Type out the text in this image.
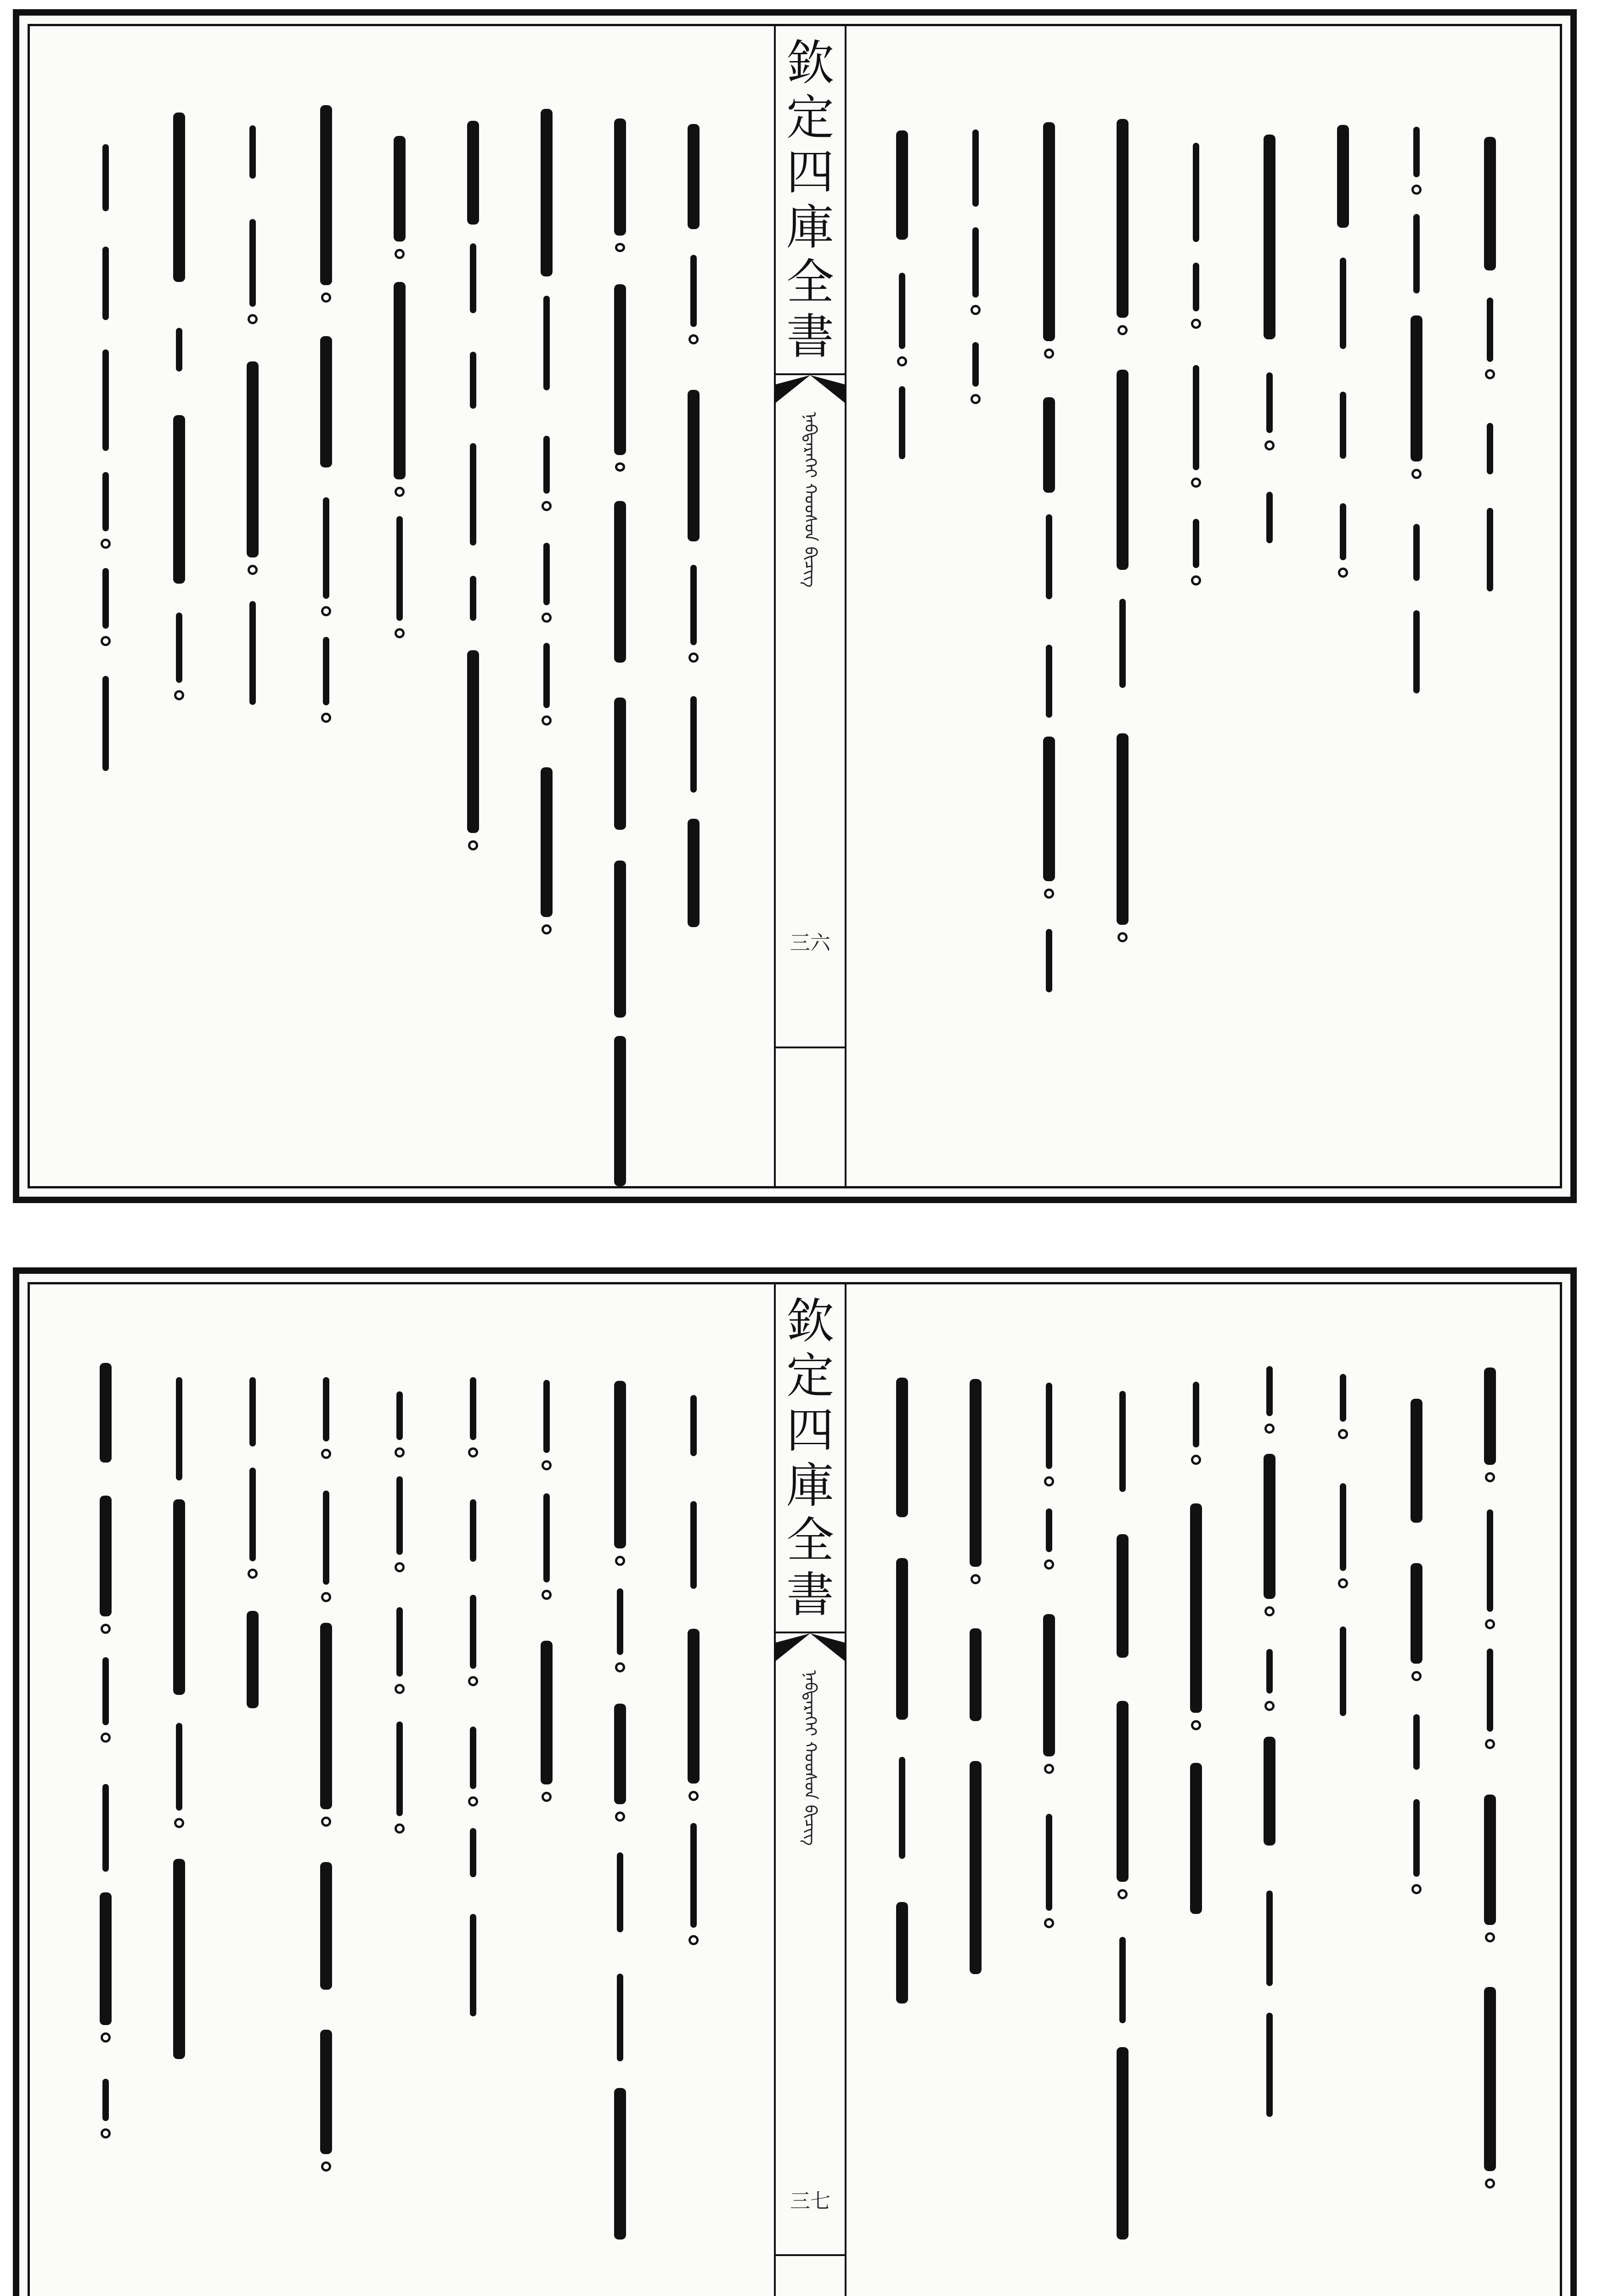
欽
定
四
庫
全
書
ᠨᠡᠪᠳᠡᠷᠡᠬᠡᠢ ᠬᠣᠣᠰᠤᠨ ᠪᠢᠴᠢᠭ᠌
三六
欽
定
四
庫
全
書
ᠨᠡᠪᠳᠡᠷᠡᠬᠡᠢ ᠬᠣᠣᠰᠤᠨ ᠪᠢᠴᠢᠭ᠌
三七
